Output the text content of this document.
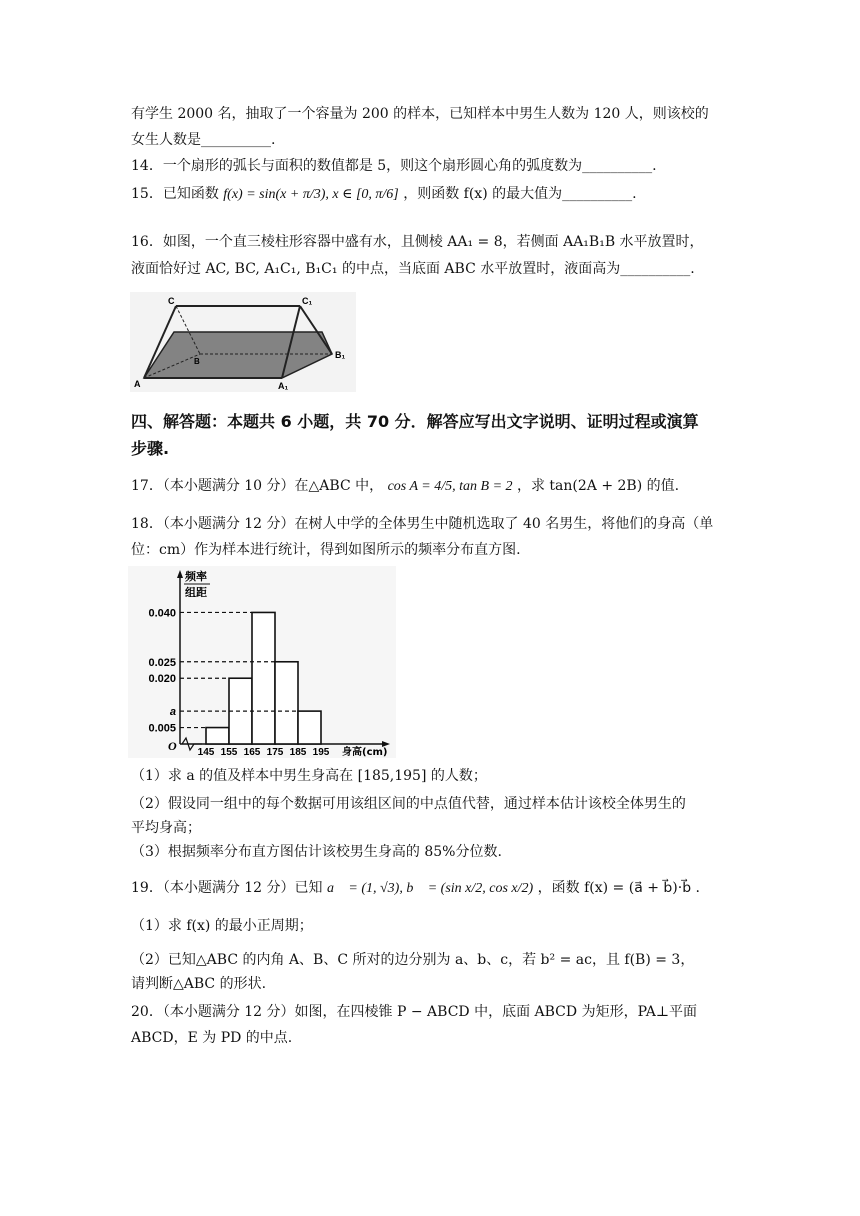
有学生 2000 名，抽取了一个容量为 200 的样本，已知样本中男生人数为 120 人，则该校的
女生人数是__________.
14．一个扇形的弧长与面积的数值都是 5，则这个扇形圆心角的弧度数为__________.
15．已知函数 f(x) = sin(x + π/3), x ∈ [0, π/6] ，则函数 f(x) 的最大值为__________.
16．如图，一个直三棱柱形容器中盛有水，且侧棱 AA₁ = 8，若侧面 AA₁B₁B 水平放置时，
液面恰好过 AC, BC, A₁C₁, B₁C₁ 的中点，当底面 ABC 水平放置时，液面高为__________.
C	C₁
A	A₁
B₁
B
四、解答题：本题共 6 小题，共 70 分．解答应写出文字说明、证明过程或演算
步骤.
17．（本小题满分 10 分）在△ABC 中， cos A = 4/5, tan B = 2 ，求 tan(2A + 2B) 的值.
18．（本小题满分 12 分）在树人中学的全体男生中随机选取了 40 名男生，将他们的身高（单
位：cm）作为样本进行统计，得到如图所示的频率分布直方图.
0.040
0.025
0.020
a
0.005
145 155 165 175 185 195 身高(cm)
O
频率
组距
（1）求 a 的值及样本中男生身高在 [185,195] 的人数；
（2）假设同一组中的每个数据可用该组区间的中点值代替，通过样本估计该校全体男生的
平均身高；
（3）根据频率分布直方图估计该校男生身高的 85%分位数.
19．（本小题满分 12 分）已知 a⃗ = (1, √3), b⃗ = (sin x/2, cos x/2) ，函数 f(x) = (a⃗ + b⃗)·b⃗ .
（1）求 f(x) 的最小正周期；
（2）已知△ABC 的内角 A、B、C 所对的边分别为 a、b、c，若 b² = ac，且 f(B) = 3，
请判断△ABC 的形状.
20．（本小题满分 12 分）如图，在四棱锥 P − ABCD 中，底面 ABCD 为矩形，PA⊥平面
ABCD，E 为 PD 的中点.
